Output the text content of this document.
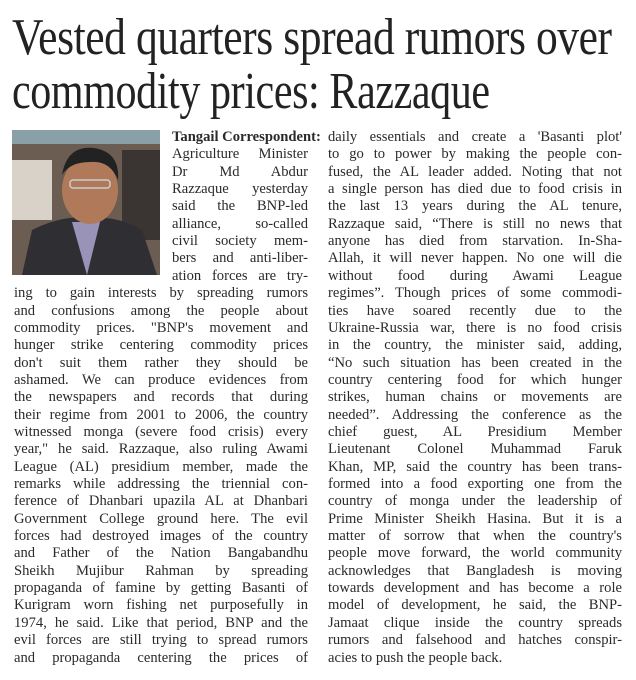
Vested quarters spread rumors over
commodity prices: Razzaque
Tangail Correspondent:
Agriculture Minister
Dr Md Abdur
Razzaque yesterday
said the BNP-led
alliance, so-called
civil society mem-
bers and anti-liber-
ation forces are try-
ing to gain interests by spreading rumors
and confusions among the people about
commodity prices. "BNP's movement and
hunger strike centering commodity prices
don't suit them rather they should be
ashamed. We can produce evidences from
the newspapers and records that during
their regime from 2001 to 2006, the country
witnessed monga (severe food crisis) every
year," he said. Razzaque, also ruling Awami
League (AL) presidium member, made the
remarks while addressing the triennial con-
ference of Dhanbari upazila AL at Dhanbari
Government College ground here. The evil
forces had destroyed images of the country
and Father of the Nation Bangabandhu
Sheikh Mujibur Rahman by spreading
propaganda of famine by getting Basanti of
Kurigram worn fishing net purposefully in
1974, he said. Like that period, BNP and the
evil forces are still trying to spread rumors
and propaganda centering the prices of
daily essentials and create a 'Basanti plot'
to go to power by making the people con-
fused, the AL leader added. Noting that not
a single person has died due to food crisis in
the last 13 years during the AL tenure,
Razzaque said, “There is still no news that
anyone has died from starvation. In-Sha-
Allah, it will never happen. No one will die
without food during Awami League
regimes”. Though prices of some commodi-
ties have soared recently due to the
Ukraine-Russia war, there is no food crisis
in the country, the minister said, adding,
“No such situation has been created in the
country centering food for which hunger
strikes, human chains or movements are
needed”. Addressing the conference as the
chief guest, AL Presidium Member
Lieutenant Colonel Muhammad Faruk
Khan, MP, said the country has been trans-
formed into a food exporting one from the
country of monga under the leadership of
Prime Minister Sheikh Hasina. But it is a
matter of sorrow that when the country's
people move forward, the world community
acknowledges that Bangladesh is moving
towards development and has become a role
model of development, he said, the BNP-
Jamaat clique inside the country spreads
rumors and falsehood and hatches conspir-
acies to push the people back.
